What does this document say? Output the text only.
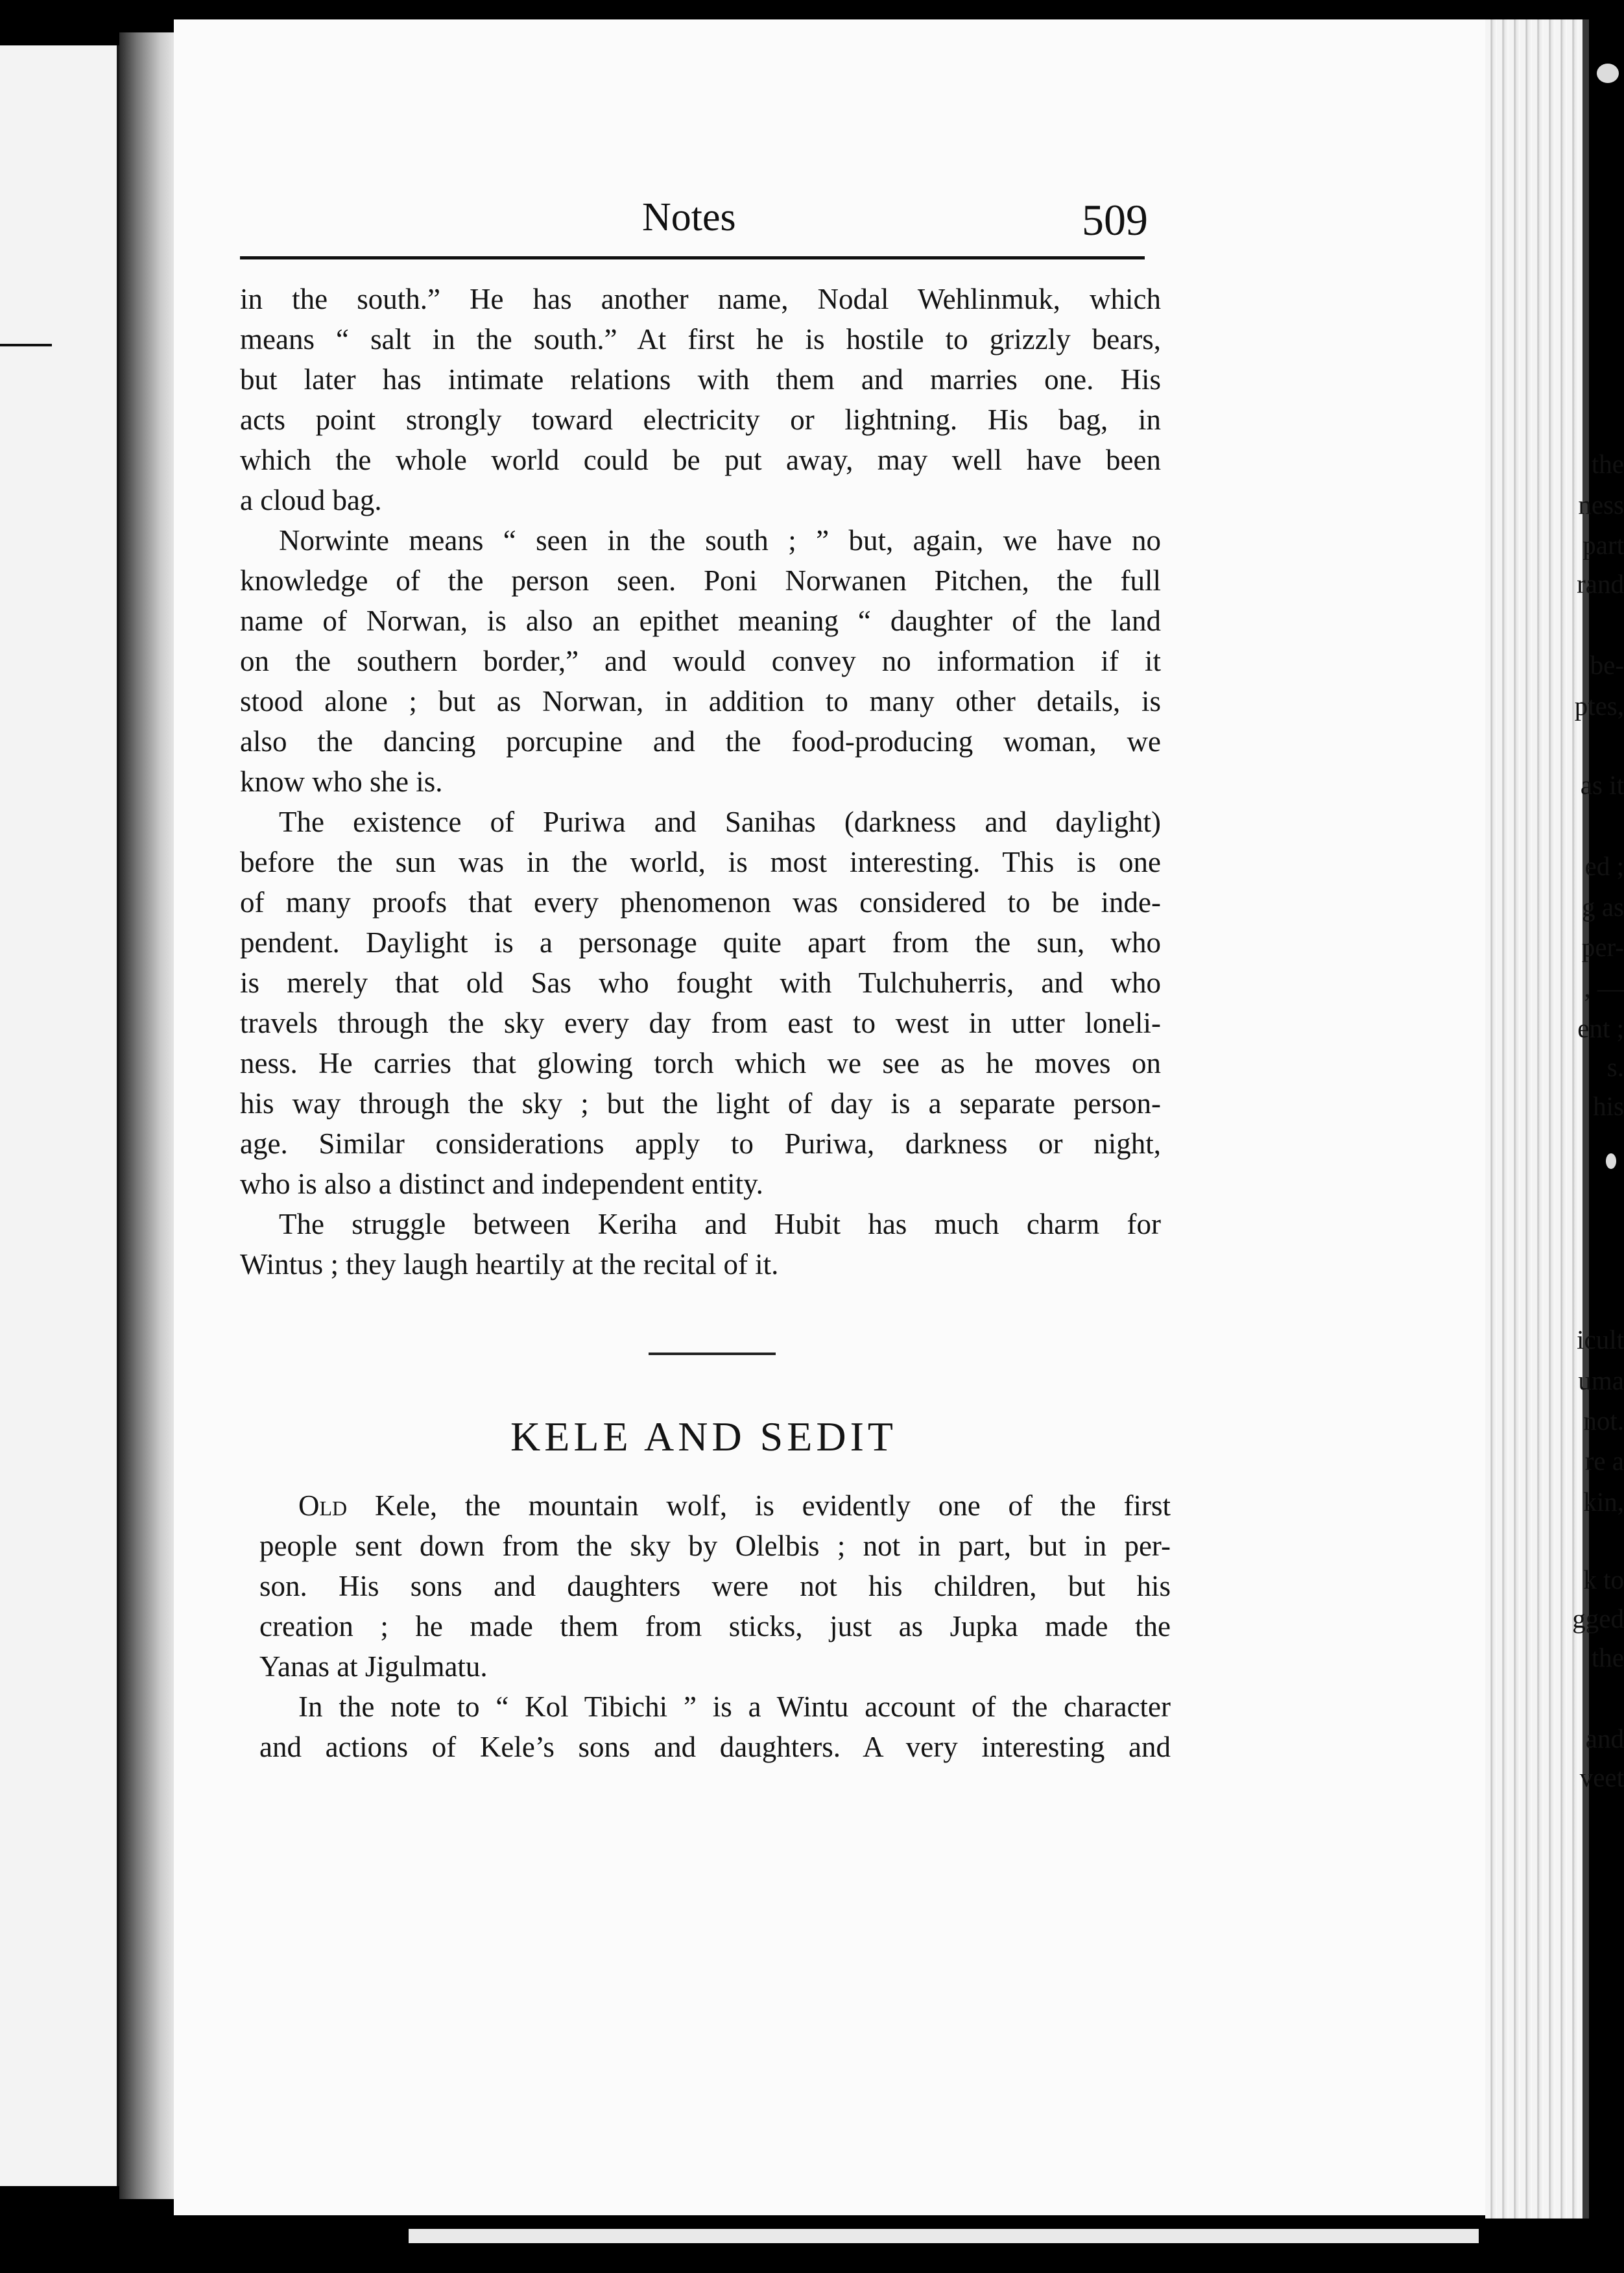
the
ness
part
rand
be-
ptes,
as it
ed ;
g as
per-
, —
ent ;
s.
his
icult
uma
not.
re a
kin,
k to
gged
the
and
veet
Notes	509
in the south.” He has another name, Nodal Wehlinmuk, which
means “ salt in the south.” At first he is hostile to grizzly bears,
but later has intimate relations with them and marries one. His
acts point strongly toward electricity or lightning. His bag, in
which the whole world could be put away, may well have been
a cloud bag.
Norwinte means “ seen in the south ; ” but, again, we have no
knowledge of the person seen. Poni Norwanen Pitchen, the full
name of Norwan, is also an epithet meaning “ daughter of the land
on the southern border,” and would convey no information if it
stood alone ; but as Norwan, in addition to many other details, is
also the dancing porcupine and the food-producing woman, we
know who she is.
The existence of Puriwa and Sanihas (darkness and daylight)
before the sun was in the world, is most interesting. This is one
of many proofs that every phenomenon was considered to be inde-
pendent. Daylight is a personage quite apart from the sun, who
is merely that old Sas who fought with Tulchuherris, and who
travels through the sky every day from east to west in utter loneli-
ness. He carries that glowing torch which we see as he moves on
his way through the sky ; but the light of day is a separate person-
age. Similar considerations apply to Puriwa, darkness or night,
who is also a distinct and independent entity.
The struggle between Keriha and Hubit has much charm for
Wintus ; they laugh heartily at the recital of it.
KELE AND SEDIT
Old Kele, the mountain wolf, is evidently one of the first
people sent down from the sky by Olelbis ; not in part, but in per-
son. His sons and daughters were not his children, but his
creation ; he made them from sticks, just as Jupka made the
Yanas at Jigulmatu.
In the note to “ Kol Tibichi ” is a Wintu account of the character
and actions of Kele’s sons and daughters. A very interesting and
